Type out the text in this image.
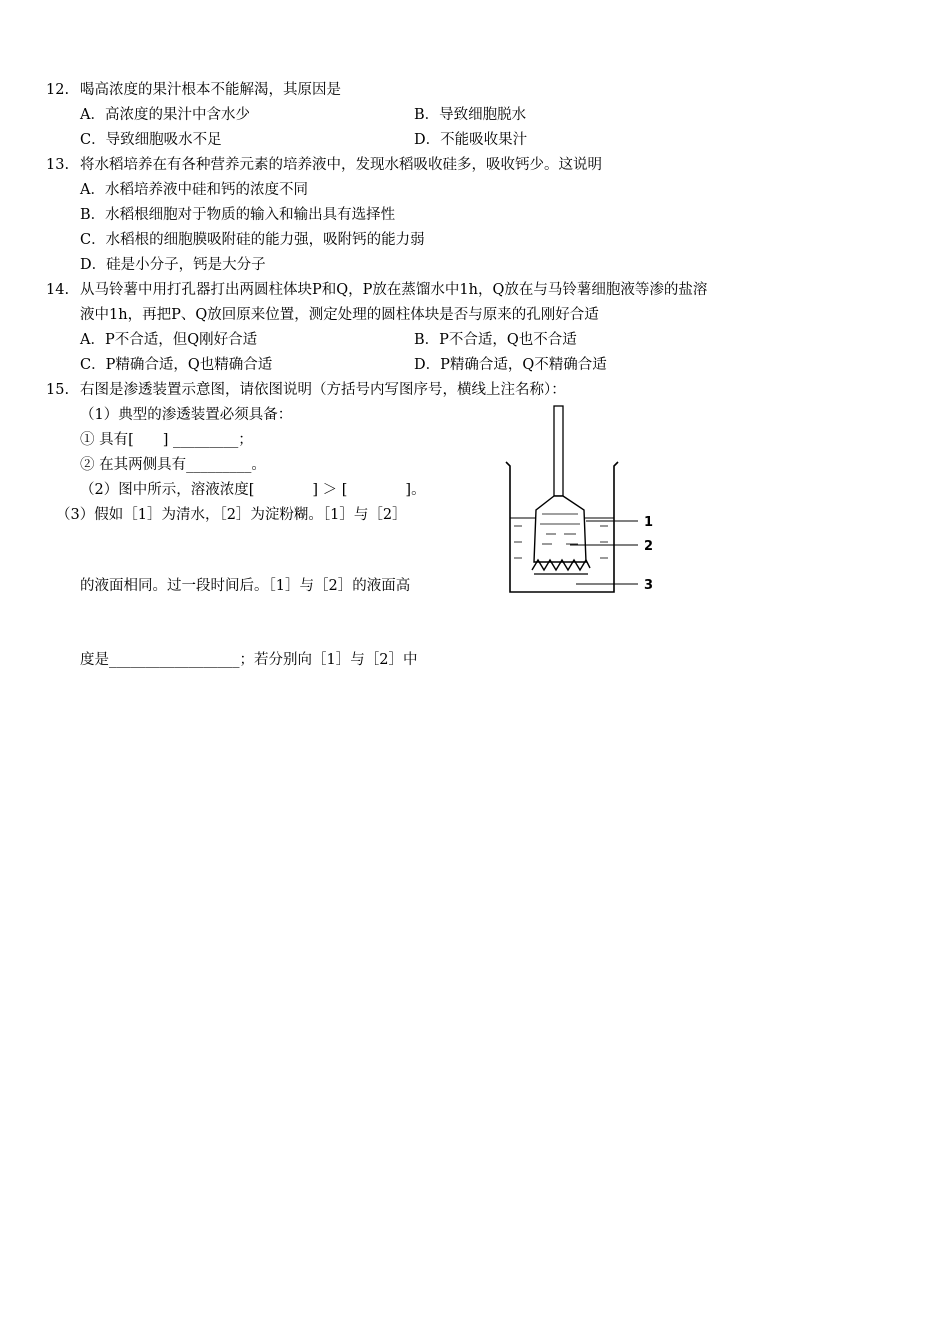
12. 喝高浓度的果汁根本不能解渴，其原因是
A．高浓度的果汁中含水少	B．导致细胞脱水
C．导致细胞吸水不足	D．不能吸收果汁
13. 将水稻培养在有各种营养元素的培养液中，发现水稻吸收硅多，吸收钙少。这说明
A．水稻培养液中硅和钙的浓度不同
B．水稻根细胞对于物质的输入和输出具有选择性
C．水稻根的细胞膜吸附硅的能力强，吸附钙的能力弱
D．硅是小分子，钙是大分子
14. 从马铃薯中用打孔器打出两圆柱体块P和Q，P放在蒸馏水中1h，Q放在与马铃薯细胞液等渗的盐溶
液中1h，再把P、Q放回原来位置，测定处理的圆柱体块是否与原来的孔刚好合适
A．P不合适，但Q刚好合适	B．P不合适，Q也不合适
C．P精确合适，Q也精确合适	D．P精确合适，Q不精确合适
15. 右图是渗透装置示意图，请依图说明（方括号内写图序号，横线上注名称）：
（1）典型的渗透装置必须具备：
① 具有[　　] _________；
② 在其两侧具有_________。
（2）图中所示，溶液浓度[　　　　] ＞ [　　　　]。
（3）假如［1］为清水，［2］为淀粉糊。［1］与［2］
的液面相同。过一段时间后。［1］与［2］的液面高
度是__________________；若分别向［1］与［2］中
1
2
3
